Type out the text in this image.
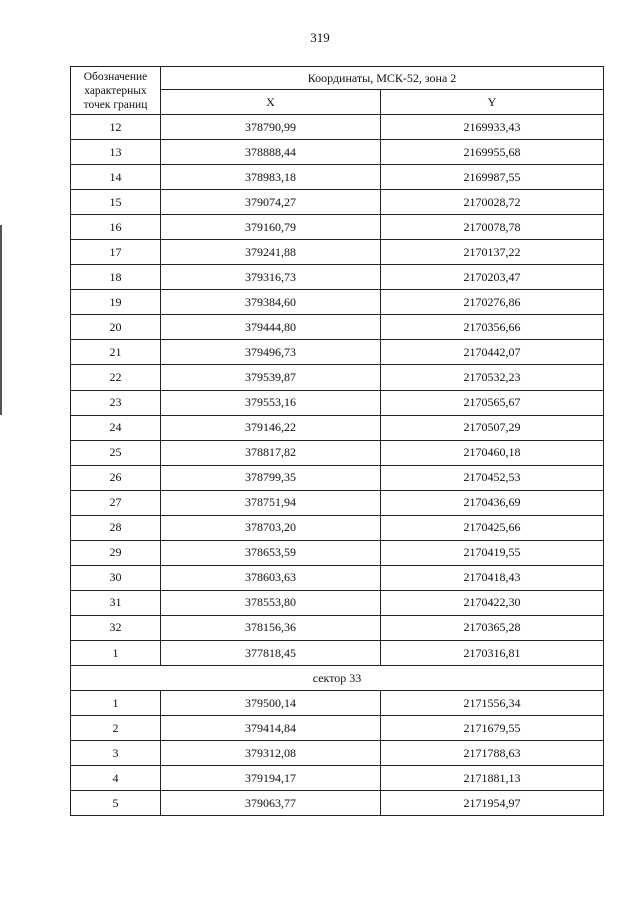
319
Обозначение характерных точек границ	Координаты, МСК-52, зона 2	
	X	Y
12	378790,99	2169933,43
13	378888,44	2169955,68
14	378983,18	2169987,55
15	379074,27	2170028,72
16	379160,79	2170078,78
17	379241,88	2170137,22
18	379316,73	2170203,47
19	379384,60	2170276,86
20	379444,80	2170356,66
21	379496,73	2170442,07
22	379539,87	2170532,23
23	379553,16	2170565,67
24	379146,22	2170507,29
25	378817,82	2170460,18
26	378799,35	2170452,53
27	378751,94	2170436,69
28	378703,20	2170425,66
29	378653,59	2170419,55
30	378603,63	2170418,43
31	378553,80	2170422,30
32	378156,36	2170365,28
1	377818,45	2170316,81
сектор 33		
1	379500,14	2171556,34
2	379414,84	2171679,55
3	379312,08	2171788,63
4	379194,17	2171881,13
5	379063,77	2171954,97
